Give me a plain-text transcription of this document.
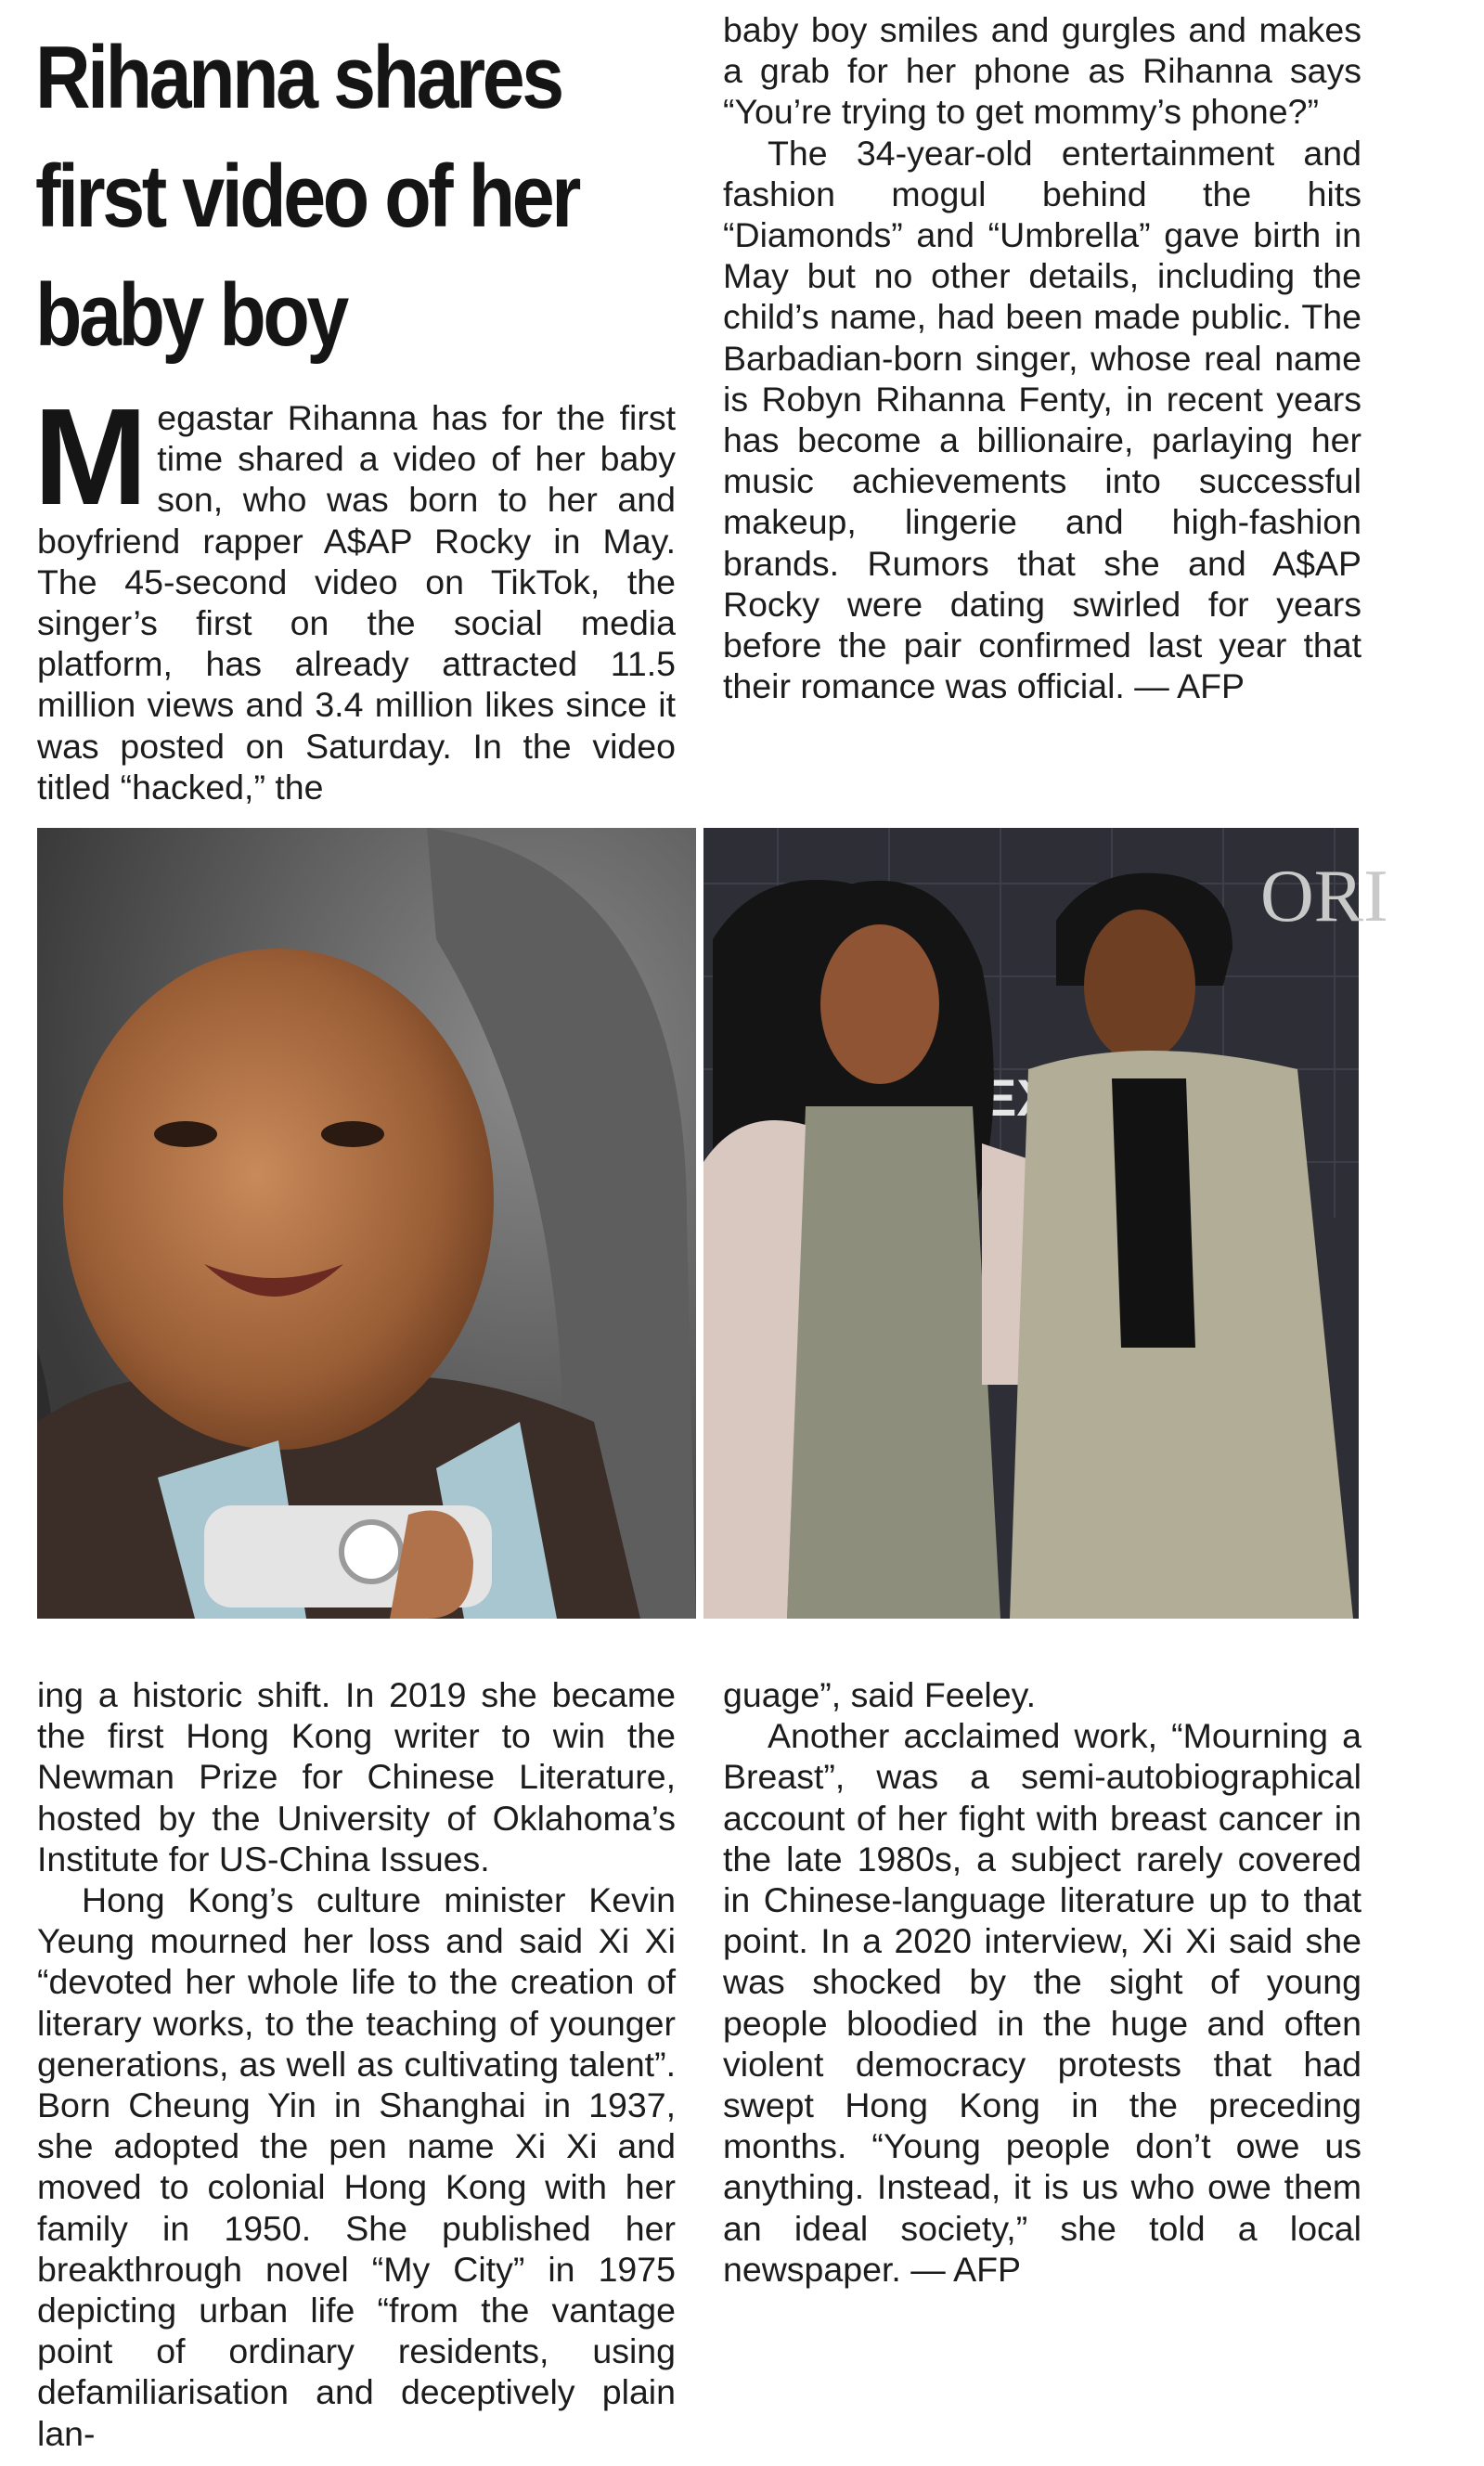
Rihanna shares first video of her baby boy

Megastar Rihanna has for the first time shared a video of her baby son, who was born to her and boyfriend rapper A$AP Rocky in May. The 45-second video on TikTok, the singer’s first on the social media platform, has already attracted 11.5 million views and 3.4 million likes since it was posted on Saturday. In the video titled “hacked,” the

baby boy smiles and gurgles and makes a grab for her phone as Rihanna says “You’re trying to get mommy’s phone?”

The 34-year-old entertainment and fashion mogul behind the hits “Diamonds” and “Umbrella” gave birth in May but no other details, including the child’s name, had been made public. The Barbadian-born singer, whose real name is Robyn Rihanna Fenty, in recent years has become a billionaire, parlaying her music achievements into successful makeup, lingerie and high-fashion brands. Rumors that she and A$AP Rocky were dating swirled for years before the pair confirmed last year that their romance was official. — AFP

ORI

ing a historic shift. In 2019 she became the first Hong Kong writer to win the Newman Prize for Chinese Literature, hosted by the University of Oklahoma’s Institute for US-China Issues.

Hong Kong’s culture minister Kevin Yeung mourned her loss and said Xi Xi “devoted her whole life to the creation of literary works, to the teaching of younger generations, as well as cultivating talent”. Born Cheung Yin in Shanghai in 1937, she adopted the pen name Xi Xi and moved to colonial Hong Kong with her family in 1950. She published her breakthrough novel “My City” in 1975 depicting urban life “from the vantage point of ordinary residents, using defamiliarisation and deceptively plain lan-

guage”, said Feeley.

Another acclaimed work, “Mourning a Breast”, was a semi-autobiographical account of her fight with breast cancer in the late 1980s, a subject rarely covered in Chinese-language literature up to that point. In a 2020 interview, Xi Xi said she was shocked by the sight of young people bloodied in the huge and often violent democracy protests that had swept Hong Kong in the preceding months. “Young people don’t owe us anything. Instead, it is us who owe them an ideal society,” she told a local newspaper. — AFP
